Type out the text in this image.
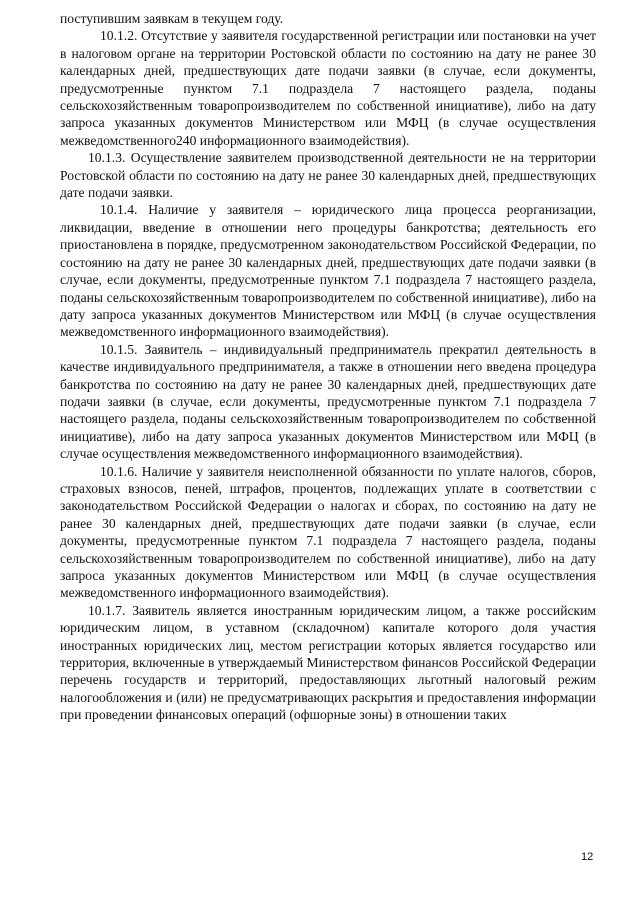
поступившим заявкам в текущем году.

10.1.2. Отсутствие у заявителя государственной регистрации или постановки на учет в налоговом органе на территории Ростовской области по состоянию на дату не ранее 30 календарных дней, предшествующих дате подачи заявки (в случае, если документы, предусмотренные пунктом 7.1 подраздела 7 настоящего раздела, поданы сельскохозяйственным товаропроизводителем по собственной инициативе), либо на дату запроса указанных документов Министерством или МФЦ (в случае осуществления межведомственного240 информационного взаимодействия).

10.1.3. Осуществление заявителем производственной деятельности не на территории Ростовской области по состоянию на дату не ранее 30 календарных дней, предшествующих дате подачи заявки.

10.1.4. Наличие у заявителя – юридического лица процесса реорганизации, ликвидации, введение в отношении него процедуры банкротства; деятельность его приостановлена в порядке, предусмотренном законодательством Российской Федерации, по состоянию на дату не ранее 30 календарных дней, предшествующих дате подачи заявки (в случае, если документы, предусмотренные пунктом 7.1 подраздела 7 настоящего раздела, поданы сельскохозяйственным товаропроизводителем по собственной инициативе), либо на дату запроса указанных документов Министерством или МФЦ (в случае осуществления межведомственного информационного взаимодействия).

10.1.5. Заявитель – индивидуальный предприниматель прекратил деятельность в качестве индивидуального предпринимателя, а также в отношении него введена процедура банкротства по состоянию на дату не ранее 30 календарных дней, предшествующих дате подачи заявки (в случае, если документы, предусмотренные пунктом 7.1 подраздела 7 настоящего раздела, поданы сельскохозяйственным товаропроизводителем по собственной инициативе), либо на дату запроса указанных документов Министерством или МФЦ (в случае осуществления межведомственного информационного взаимодействия).

10.1.6. Наличие у заявителя неисполненной обязанности по уплате налогов, сборов, страховых взносов, пеней, штрафов, процентов, подлежащих уплате в соответствии с законодательством Российской Федерации о налогах и сборах, по состоянию на дату не ранее 30 календарных дней, предшествующих дате подачи заявки (в случае, если документы, предусмотренные пунктом 7.1 подраздела 7 настоящего раздела, поданы сельскохозяйственным товаропроизводителем по собственной инициативе), либо на дату запроса указанных документов Министерством или МФЦ (в случае осуществления межведомственного информационного взаимодействия).

10.1.7. Заявитель является иностранным юридическим лицом, а также российским юридическим лицом, в уставном (складочном) капитале которого доля участия иностранных юридических лиц, местом регистрации которых является государство или территория, включенные в утверждаемый Министерством финансов Российской Федерации перечень государств и территорий, предоставляющих льготный налоговый режим налогообложения и (или) не предусматривающих раскрытия и предоставления информации при проведении финансовых операций (офшорные зоны) в отношении таких

12
